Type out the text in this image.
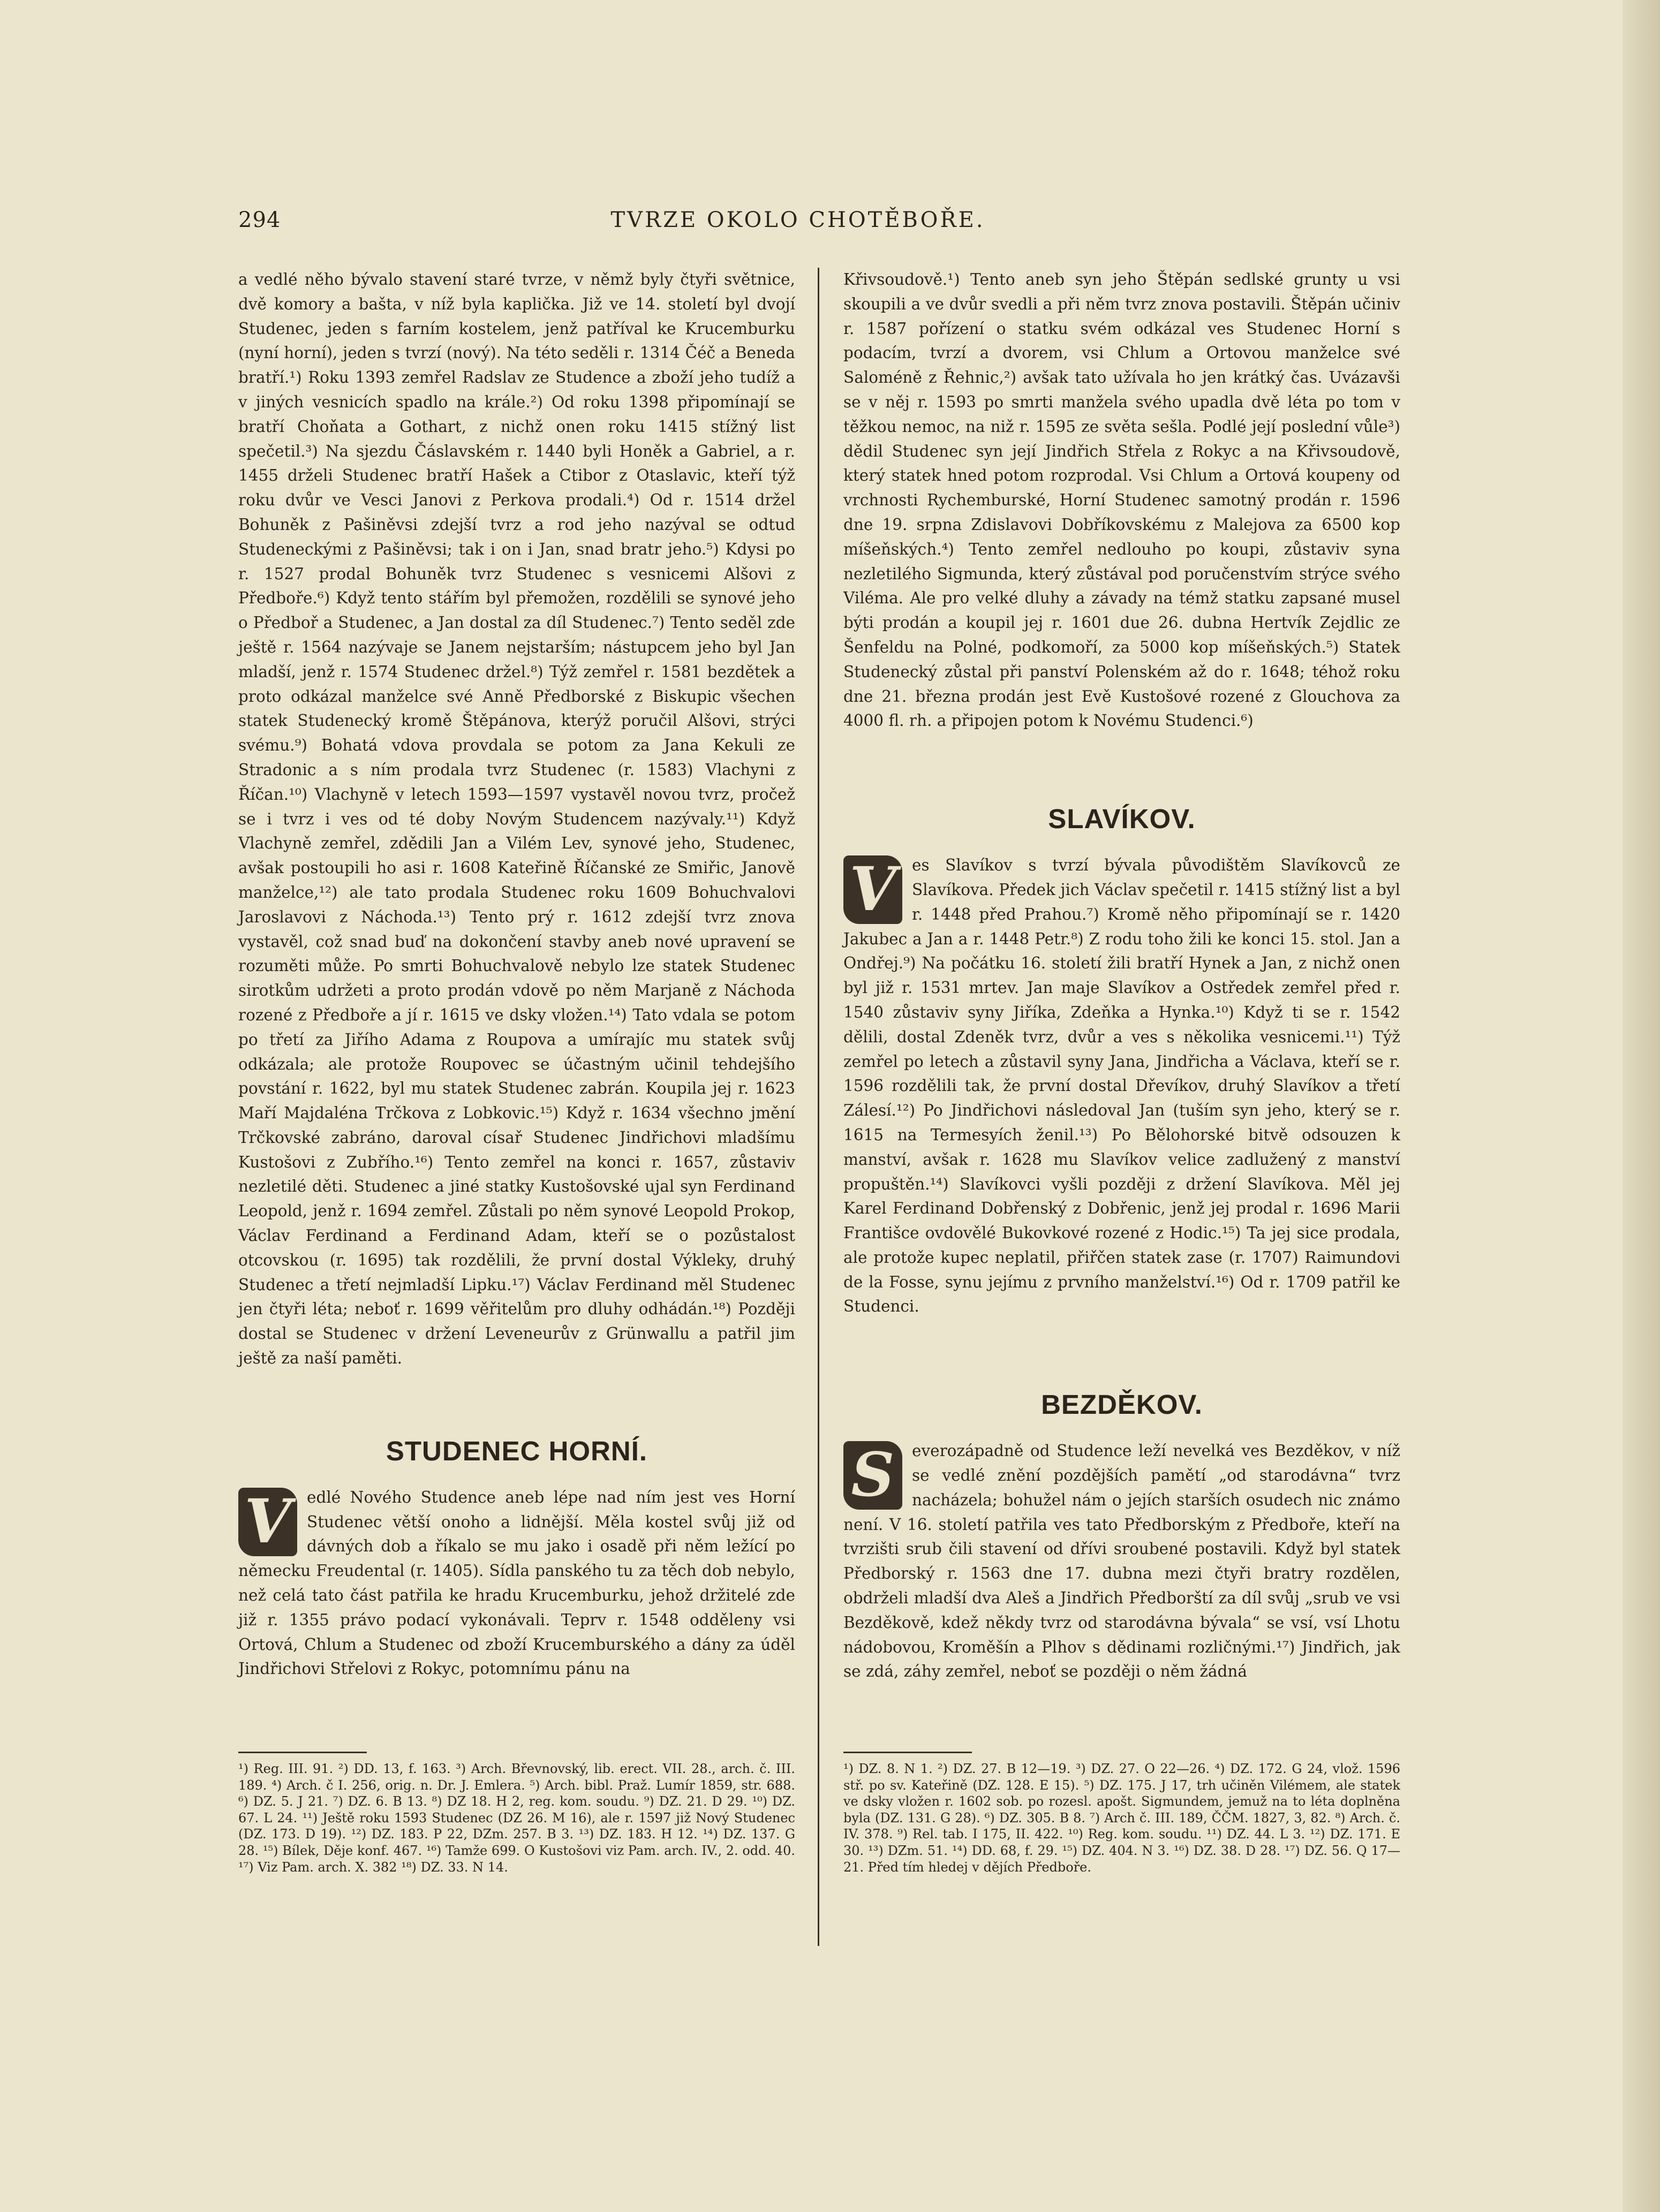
294	TVRZE OKOLO CHOTĚBOŘE.

a vedlé něho bývalo stavení staré tvrze, v němž byly čtyři světnice, dvě komory a bašta, v níž byla kaplička. Již ve 14. století byl dvojí Studenec, jeden s farním kostelem, jenž patříval ke Krucemburku (nyní horní), jeden s tvrzí (nový). Na této seděli r. 1314 Čéč a Beneda bratří.¹) Roku 1393 zemřel Radslav ze Studence a zboží jeho tudíž a v jiných vesnicích spadlo na krále.²) Od roku 1398 připomínají se bratří Choňata a Gothart, z nichž onen roku 1415 stížný list spečetil.³) Na sjezdu Čáslavském r. 1440 byli Honěk a Gabriel, a r. 1455 drželi Studenec bratří Hašek a Ctibor z Otaslavic, kteří týž roku dvůr ve Vesci Janovi z Perkova prodali.⁴) Od r. 1514 držel Bohuněk z Pašiněvsi zdejší tvrz a rod jeho nazýval se odtud Studeneckými z Pašiněvsi; tak i on i Jan, snad bratr jeho.⁵) Kdysi po r. 1527 prodal Bohuněk tvrz Studenec s vesnicemi Alšovi z Předboře.⁶) Když tento stářím byl přemožen, rozdělili se synové jeho o Předboř a Studenec, a Jan dostal za díl Studenec.⁷) Tento seděl zde ještě r. 1564 nazývaje se Janem nejstarším; nástupcem jeho byl Jan mladší, jenž r. 1574 Studenec držel.⁸) Týž zemřel r. 1581 bezdětek a proto odkázal manželce své Anně Předborské z Biskupic všechen statek Studenecký kromě Štěpánova, kterýž poručil Alšovi, strýci svému.⁹) Bohatá vdova provdala se potom za Jana Kekuli ze Stradonic a s ním prodala tvrz Studenec (r. 1583) Vlachyni z Říčan.¹⁰) Vlachyně v letech 1593—1597 vystavěl novou tvrz, pročež se i tvrz i ves od té doby Novým Studencem nazývaly.¹¹) Když Vlachyně zemřel, zdědili Jan a Vilém Lev, synové jeho, Studenec, avšak postoupili ho asi r. 1608 Kateřině Říčanské ze Smiřic, Janově manželce,¹²) ale tato prodala Studenec roku 1609 Bohuchvalovi Jaroslavovi z Náchoda.¹³) Tento prý r. 1612 zdejší tvrz znova vystavěl, což snad buď na dokončení stavby aneb nové upravení se rozuměti může. Po smrti Bohuchvalově nebylo lze statek Studenec sirotkům udržeti a proto prodán vdově po něm Marjaně z Náchoda rozené z Předboře a jí r. 1615 ve dsky vložen.¹⁴) Tato vdala se potom po třetí za Jiřího Adama z Roupova a umírajíc mu statek svůj odkázala; ale protože Roupovec se účastným učinil tehdejšího povstání r. 1622, byl mu statek Studenec zabrán. Koupila jej r. 1623 Maří Majdaléna Trčkova z Lobkovic.¹⁵) Když r. 1634 všechno jmění Trčkovské zabráno, daroval císař Studenec Jindřichovi mladšímu Kustošovi z Zubřího.¹⁶) Tento zemřel na konci r. 1657, zůstaviv nezletilé děti. Studenec a jiné statky Kustošovské ujal syn Ferdinand Leopold, jenž r. 1694 zemřel. Zůstali po něm synové Leopold Prokop, Václav Ferdinand a Ferdinand Adam, kteří se o pozůstalost otcovskou (r. 1695) tak rozdělili, že první dostal Výkleky, druhý Studenec a třetí nejmladší Lipku.¹⁷) Václav Ferdinand měl Studenec jen čtyři léta; neboť r. 1699 věřitelům pro dluhy odhádán.¹⁸) Později dostal se Studenec v držení Leveneurův z Grünwallu a patřil jim ještě za naší paměti.

STUDENEC HORNÍ.

V	edlé Nového Studence aneb lépe nad ním jest ves Horní Studenec větší onoho a lidnější. Měla kostel svůj již od dávných dob a říkalo se mu jako i osadě při něm ležící po německu Freudental (r. 1405). Sídla panského tu za těch dob nebylo, než celá tato část patřila ke hradu Krucemburku, jehož držitelé zde již r. 1355 právo podací vykonávali. Teprv r. 1548 odděleny vsi Ortová, Chlum a Studenec od zboží Krucemburského a dány za úděl Jindřichovi Střelovi z Rokyc, potomnímu pánu na

Křivsoudově.¹) Tento aneb syn jeho Štěpán sedlské grunty u vsi skoupili a ve dvůr svedli a při něm tvrz znova postavili. Štěpán učiniv r. 1587 pořízení o statku svém odkázal ves Studenec Horní s podacím, tvrzí a dvorem, vsi Chlum a Ortovou manželce své Saloméně z Řehnic,²) avšak tato užívala ho jen krátký čas. Uvázavši se v něj r. 1593 po smrti manžela svého upadla dvě léta po tom v těžkou nemoc, na niž r. 1595 ze světa sešla. Podlé její poslední vůle³) dědil Studenec syn její Jindřich Střela z Rokyc a na Křivsoudově, který statek hned potom rozprodal. Vsi Chlum a Ortová koupeny od vrchnosti Rychemburské, Horní Studenec samotný prodán r. 1596 dne 19. srpna Zdislavovi Dobříkovskému z Malejova za 6500 kop míšeňských.⁴) Tento zemřel nedlouho po koupi, zůstaviv syna nezletilého Sigmunda, který zůstával pod poručenstvím strýce svého Viléma. Ale pro velké dluhy a závady na témž statku zapsané musel býti prodán a koupil jej r. 1601 due 26. dubna Hertvík Zejdlic ze Šenfeldu na Polné, podkomoří, za 5000 kop míšeňských.⁵) Statek Studenecký zůstal při panství Polenském až do r. 1648; téhož roku dne 21. března prodán jest Evě Kustošové rozené z Glouchova za 4000 fl. rh. a připojen potom k Novému Studenci.⁶)

SLAVÍKOV.

V	es Slavíkov s tvrzí bývala původištěm Slavíkovců ze Slavíkova. Předek jich Václav spečetil r. 1415 stížný list a byl r. 1448 před Prahou.⁷) Kromě něho připomínají se r. 1420 Jakubec a Jan a r. 1448 Petr.⁸) Z rodu toho žili ke konci 15. stol. Jan a Ondřej.⁹) Na počátku 16. století žili bratří Hynek a Jan, z nichž onen byl již r. 1531 mrtev. Jan maje Slavíkov a Ostředek zemřel před r. 1540 zůstaviv syny Jiříka, Zdeňka a Hynka.¹⁰) Když ti se r. 1542 dělili, dostal Zdeněk tvrz, dvůr a ves s několika vesnicemi.¹¹) Týž zemřel po letech a zůstavil syny Jana, Jindřicha a Václava, kteří se r. 1596 rozdělili tak, že první dostal Dřevíkov, druhý Slavíkov a třetí Zálesí.¹²) Po Jindřichovi následoval Jan (tuším syn jeho, který se r. 1615 na Termesyích ženil.¹³) Po Bělohorské bitvě odsouzen k manství, avšak r. 1628 mu Slavíkov velice zadlužený z manství propuštěn.¹⁴) Slavíkovci vyšli později z držení Slavíkova. Měl jej Karel Ferdinand Dobřenský z Dobřenic, jenž jej prodal r. 1696 Marii Františce ovdovělé Bukovkové rozené z Hodic.¹⁵) Ta jej sice prodala, ale protože kupec neplatil, přiřčen statek zase (r. 1707) Raimundovi de la Fosse, synu jejímu z prvního manželství.¹⁶) Od r. 1709 patřil ke Studenci.

BEZDĚKOV.

S	everozápadně od Studence leží nevelká ves Bezděkov, v níž se vedlé znění pozdějších pamětí „od starodávna“ tvrz nacházela; bohužel nám o jejích starších osudech nic známo není. V 16. století patřila ves tato Předborským z Předboře, kteří na tvrzišti srub čili stavení od dřívi sroubené postavili. Když byl statek Předborský r. 1563 dne 17. dubna mezi čtyři bratry rozdělen, obdrželi mladší dva Aleš a Jindřich Předborští za díl svůj „srub ve vsi Bezděkově, kdež někdy tvrz od starodávna bývala“ se vsí, vsí Lhotu nádobovou, Kroměšín a Plhov s dědinami rozličnými.¹⁷) Jindřich, jak se zdá, záhy zemřel, neboť se později o něm žádná

¹) Reg. III. 91. ²) DD. 13, f. 163. ³) Arch. Břevnovský, lib. erect. VII. 28., arch. č. III. 189. ⁴) Arch. č I. 256, orig. n. Dr. J. Emlera. ⁵) Arch. bibl. Praž. Lumír 1859, str. 688. ⁶) DZ. 5. J 21. ⁷) DZ. 6. B 13. ⁸) DZ 18. H 2, reg. kom. soudu. ⁹) DZ. 21. D 29. ¹⁰) DZ. 67. L 24. ¹¹) Ještě roku 1593 Studenec (DZ 26. M 16), ale r. 1597 již Nový Studenec (DZ. 173. D 19). ¹²) DZ. 183. P 22, DZm. 257. B 3. ¹³) DZ. 183. H 12. ¹⁴) DZ. 137. G 28. ¹⁵) Bílek, Děje konf. 467. ¹⁶) Tamže 699. O Kustošovi viz Pam. arch. IV., 2. odd. 40. ¹⁷) Viz Pam. arch. X. 382 ¹⁸) DZ. 33. N 14.

¹) DZ. 8. N 1. ²) DZ. 27. B 12—19. ³) DZ. 27. O 22—26. ⁴) DZ. 172. G 24, vlož. 1596 stř. po sv. Kateřině (DZ. 128. E 15). ⁵) DZ. 175. J 17, trh učiněn Vilémem, ale statek ve dsky vložen r. 1602 sob. po rozesl. apošt. Sigmundem, jemuž na to léta doplněna byla (DZ. 131. G 28). ⁶) DZ. 305. B 8. ⁷) Arch č. III. 189, ČČM. 1827, 3, 82. ⁸) Arch. č. IV. 378. ⁹) Rel. tab. I 175, II. 422. ¹⁰) Reg. kom. soudu. ¹¹) DZ. 44. L 3. ¹²) DZ. 171. E 30. ¹³) DZm. 51. ¹⁴) DD. 68, f. 29. ¹⁵) DZ. 404. N 3. ¹⁶) DZ. 38. D 28. ¹⁷) DZ. 56. Q 17—21. Před tím hledej v dějích Předboře.
